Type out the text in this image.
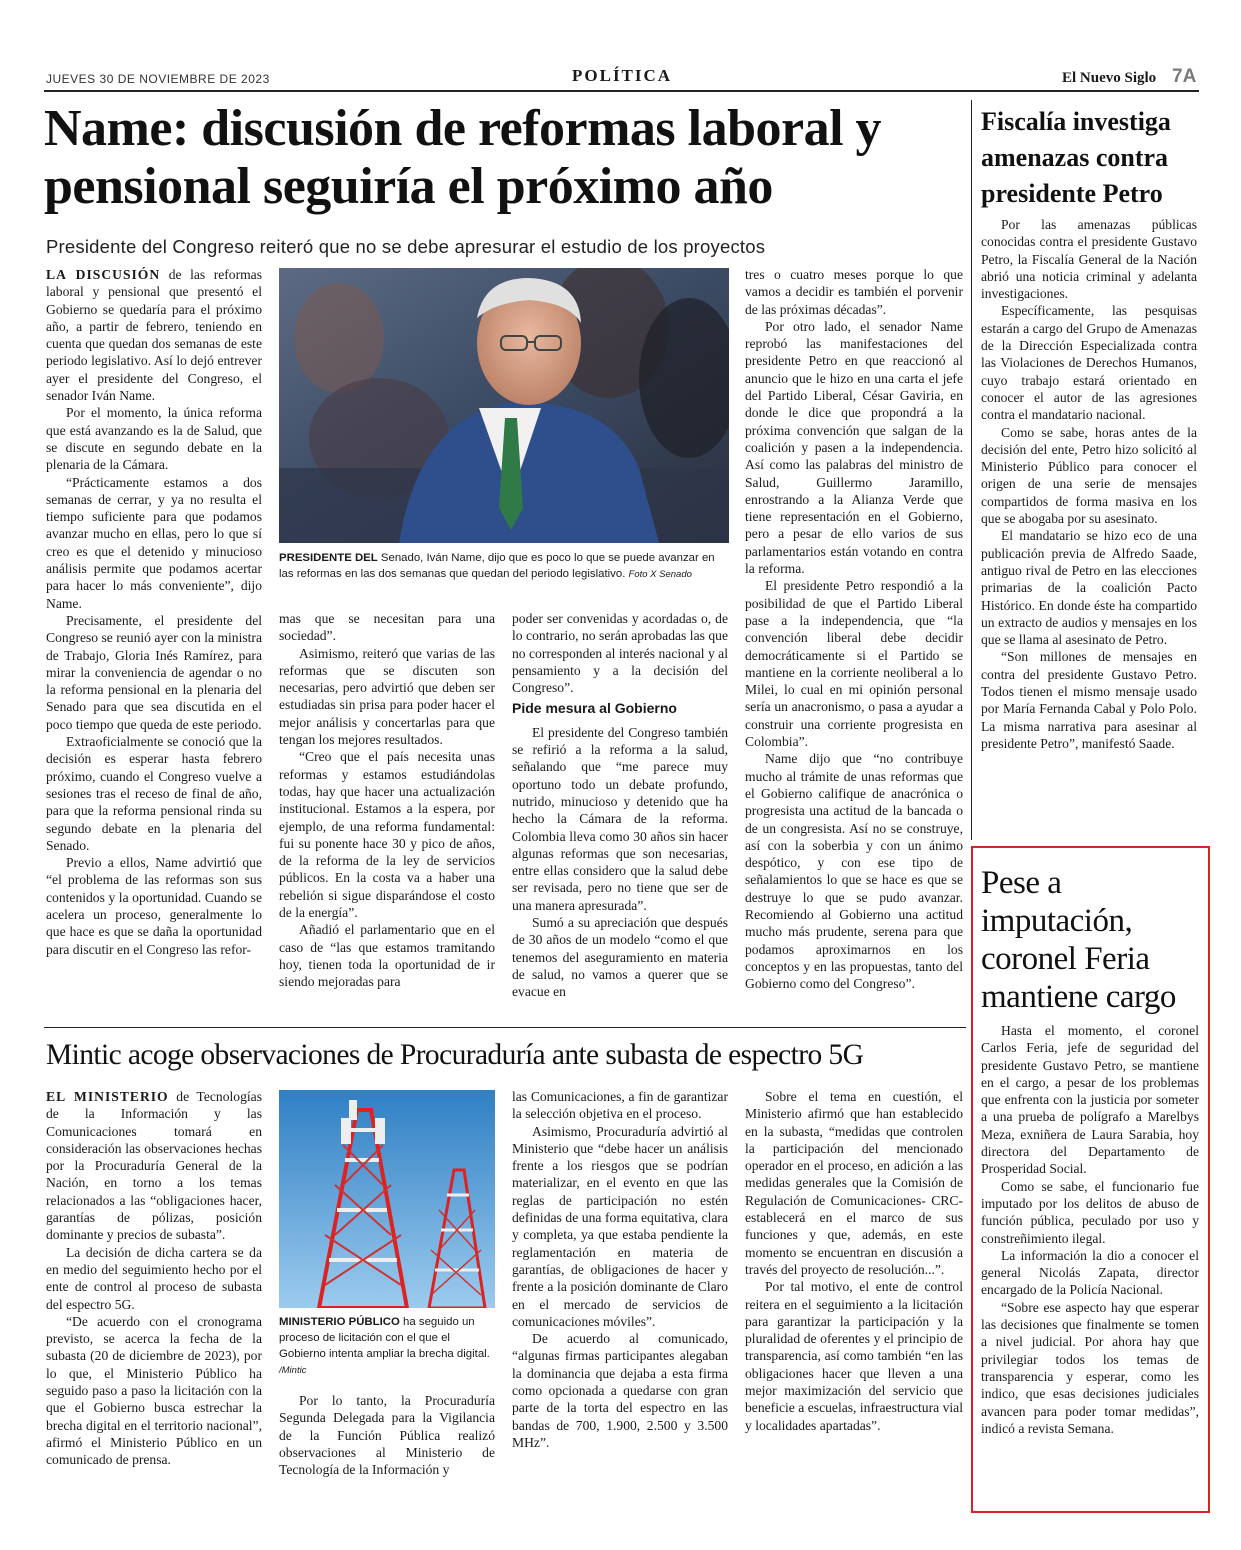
JUEVES 30 DE NOVIEMBRE DE 2023	POLÍTICA	El Nuevo Siglo 7A
Name: discusión de reformas laboral y pensional seguiría el próximo año
Presidente del Congreso reiteró que no se debe apresurar el estudio de los proyectos

LA DISCUSIÓN de las reformas laboral y pensional que presentó el Gobierno se quedaría para el próximo año, a partir de febrero, teniendo en cuenta que quedan dos semanas de este periodo legislativo. Así lo dejó entrever ayer el presidente del Congreso, el senador Iván Name.

Por el momento, la única reforma que está avanzando es la de Salud, que se discute en segundo debate en la plenaria de la Cámara.

“Prácticamente estamos a dos semanas de cerrar, y ya no resulta el tiempo suficiente para que podamos avanzar mucho en ellas, pero lo que sí creo es que el detenido y minucioso análisis permite que podamos acertar para hacer lo más conveniente”, dijo Name.

Precisamente, el presidente del Congreso se reunió ayer con la ministra de Trabajo, Gloria Inés Ramírez, para mirar la conveniencia de agendar o no la reforma pensional en la plenaria del Senado para que sea discutida en el poco tiempo que queda de este periodo.

Extraoficialmente se conoció que la decisión es esperar hasta febrero próximo, cuando el Congreso vuelve a sesiones tras el receso de final de año, para que la reforma pensional rinda su segundo debate en la plenaria del Senado.

Previo a ellos, Name advirtió que “el problema de las reformas son sus contenidos y la oportunidad. Cuando se acelera un proceso, generalmente lo que hace es que se daña la oportunidad para discutir en el Congreso las refor-

PRESIDENTE DEL Senado, Iván Name, dijo que es poco lo que se puede avanzar en las reformas en las dos semanas que quedan del periodo legislativo. Foto X Senado

mas que se necesitan para una sociedad”.

Asimismo, reiteró que varias de las reformas que se discuten son necesarias, pero advirtió que deben ser estudiadas sin prisa para poder hacer el mejor análisis y concertarlas para que tengan los mejores resultados.

“Creo que el país necesita unas reformas y estamos estudiándolas todas, hay que hacer una actualización institucional. Estamos a la espera, por ejemplo, de una reforma fundamental: fui su ponente hace 30 y pico de años, de la reforma de la ley de servicios públicos. En la costa va a haber una rebelión si sigue disparándose el costo de la energía”.

Añadió el parlamentario que en el caso de “las que estamos tramitando hoy, tienen toda la oportunidad de ir siendo mejoradas para

poder ser convenidas y acordadas o, de lo contrario, no serán aprobadas las que no corresponden al interés nacional y al pensamiento y a la decisión del Congreso”.

Pide mesura al Gobierno

El presidente del Congreso también se refirió a la reforma a la salud, señalando que “me parece muy oportuno todo un debate profundo, nutrido, minucioso y detenido que ha hecho la Cámara de la reforma. Colombia lleva como 30 años sin hacer algunas reformas que son necesarias, entre ellas considero que la salud debe ser revisada, pero no tiene que ser de una manera apresurada”.

Sumó a su apreciación que después de 30 años de un modelo “como el que tenemos del aseguramiento en materia de salud, no vamos a querer que se evacue en

tres o cuatro meses porque lo que vamos a decidir es también el porvenir de las próximas décadas”.

Por otro lado, el senador Name reprobó las manifestaciones del presidente Petro en que reaccionó al anuncio que le hizo en una carta el jefe del Partido Liberal, César Gaviria, en donde le dice que propondrá a la próxima convención que salgan de la coalición y pasen a la independencia. Así como las palabras del ministro de Salud, Guillermo Jaramillo, enrostrando a la Alianza Verde que tiene representación en el Gobierno, pero a pesar de ello varios de sus parlamentarios están votando en contra la reforma.

El presidente Petro respondió a la posibilidad de que el Partido Liberal pase a la independencia, que “la convención liberal debe decidir democráticamente si el Partido se mantiene en la corriente neoliberal a lo Milei, lo cual en mi opinión personal sería un anacronismo, o pasa a ayudar a construir una corriente progresista en Colombia”.

Name dijo que “no contribuye mucho al trámite de unas reformas que el Gobierno califique de anacrónica o progresista una actitud de la bancada o de un congresista. Así no se construye, así con la soberbia y con un ánimo despótico, y con ese tipo de señalamientos lo que se hace es que se destruye lo que se pudo avanzar. Recomiendo al Gobierno una actitud mucho más prudente, serena para que podamos aproximarnos en los conceptos y en las propuestas, tanto del Gobierno como del Congreso”.

Fiscalía investiga amenazas contra presidente Petro

Por las amenazas públicas conocidas contra el presidente Gustavo Petro, la Fiscalía General de la Nación abrió una noticia criminal y adelanta investigaciones.

Específicamente, las pesquisas estarán a cargo del Grupo de Amenazas de la Dirección Especializada contra las Violaciones de Derechos Humanos, cuyo trabajo estará orientado en conocer el autor de las agresiones contra el mandatario nacional.

Como se sabe, horas antes de la decisión del ente, Petro hizo solicitó al Ministerio Público para conocer el origen de una serie de mensajes compartidos de forma masiva en los que se abogaba por su asesinato.

El mandatario se hizo eco de una publicación previa de Alfredo Saade, antiguo rival de Petro en las elecciones primarias de la coalición Pacto Histórico. En donde éste ha compartido un extracto de audios y mensajes en los que se llama al asesinato de Petro.

“Son millones de mensajes en contra del presidente Gustavo Petro. Todos tienen el mismo mensaje usado por María Fernanda Cabal y Polo Polo. La misma narrativa para asesinar al presidente Petro”, manifestó Saade.

Pese a imputación, coronel Feria mantiene cargo

Hasta el momento, el coronel Carlos Feria, jefe de seguridad del presidente Gustavo Petro, se mantiene en el cargo, a pesar de los problemas que enfrenta con la justicia por someter a una prueba de polígrafo a Marelbys Meza, exniñera de Laura Sarabia, hoy directora del Departamento de Prosperidad Social.

Como se sabe, el funcionario fue imputado por los delitos de abuso de función pública, peculado por uso y constreñimiento ilegal.

La información la dio a conocer el general Nicolás Zapata, director encargado de la Policía Nacional.

“Sobre ese aspecto hay que esperar las decisiones que finalmente se tomen a nivel judicial. Por ahora hay que privilegiar todos los temas de transparencia y esperar, como les indico, que esas decisiones judiciales avancen para poder tomar medidas”, indicó a revista Semana.

Mintic acoge observaciones de Procuraduría ante subasta de espectro 5G

EL MINISTERIO de Tecnologías de la Información y las Comunicaciones tomará en consideración las observaciones hechas por la Procuraduría General de la Nación, en torno a los temas relacionados a las “obligaciones hacer, garantías de pólizas, posición dominante y precios de subasta”.

La decisión de dicha cartera se da en medio del seguimiento hecho por el ente de control al proceso de subasta del espectro 5G.

“De acuerdo con el cronograma previsto, se acerca la fecha de la subasta (20 de diciembre de 2023), por lo que, el Ministerio Público ha seguido paso a paso la licitación con la que el Gobierno busca estrechar la brecha digital en el territorio nacional”, afirmó el Ministerio Público en un comunicado de prensa.

MINISTERIO PÚBLICO ha seguido un proceso de licitación con el que el Gobierno intenta ampliar la brecha digital. /Mintic

Por lo tanto, la Procuraduría Segunda Delegada para la Vigilancia de la Función Pública realizó observaciones al Ministerio de Tecnología de la Información y

las Comunicaciones, a fin de garantizar la selección objetiva en el proceso.

Asimismo, Procuraduría advirtió al Ministerio que “debe hacer un análisis frente a los riesgos que se podrían materializar, en el evento en que las reglas de participación no estén definidas de una forma equitativa, clara y completa, ya que estaba pendiente la reglamentación en materia de garantías, de obligaciones de hacer y frente a la posición dominante de Claro en el mercado de servicios de comunicaciones móviles”.

De acuerdo al comunicado, “algunas firmas participantes alegaban la dominancia que dejaba a esta firma como opcionada a quedarse con gran parte de la torta del espectro en las bandas de 700, 1.900, 2.500 y 3.500 MHz”.

Sobre el tema en cuestión, el Ministerio afirmó que han establecido en la subasta, “medidas que controlen la participación del mencionado operador en el proceso, en adición a las medidas generales que la Comisión de Regulación de Comunicaciones- CRC- establecerá en el marco de sus funciones y que, además, en este momento se encuentran en discusión a través del proyecto de resolución...”.

Por tal motivo, el ente de control reitera en el seguimiento a la licitación para garantizar la participación y la pluralidad de oferentes y el principio de transparencia, así como también “en las obligaciones hacer que lleven a una mejor maximización del servicio que beneficie a escuelas, infraestructura vial y localidades apartadas”.
